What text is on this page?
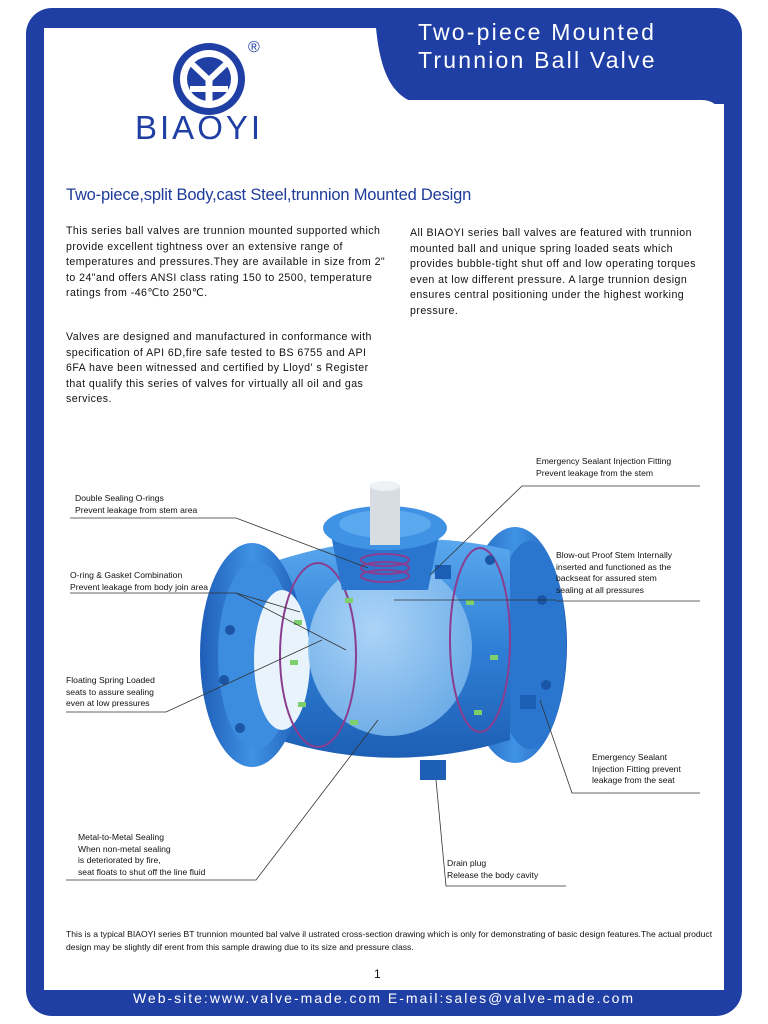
®
BIAOYI
Two-piece Mounted
Trunnion Ball Valve
Two-piece,split Body,cast Steel,trunnion Mounted Design
This series ball valves are trunnion mounted supported which provide excellent tightness over an extensive range of temperatures and pressures.They are available in size from 2" to 24"and offers ANSI class rating 150 to 2500, temperature ratings from -46℃to 250℃.
All BIAOYI series ball valves are featured with trunnion mounted ball and unique spring loaded seats which provides bubble-tight shut off and low operating torques even at low different pressure. A large trunnion design ensures central positioning under the highest working pressure.
Valves are designed and manufactured in conformance with specification of API 6D,fire safe tested to BS 6755 and API 6FA have been witnessed and certified by Lloyd' s Register that qualify this series of valves for virtually all oil and gas services.
Emergency Sealant Injection Fitting
Prevent leakage from the stem
Double Sealing O-rings
Prevent leakage from stem area
O-ring & Gasket Combination
Prevent leakage from body join area
Blow-out Proof Stem Internally
inserted and functioned as the
backseat for assured stem
sealing at all pressures
Floating Spring Loaded
seats to assure sealing
even at low pressures
Emergency Sealant
Injection Fitting prevent
leakage from the seat
Metal-to-Metal Sealing
When non-metal sealing
is deteriorated by fire,
seat floats to shut off the line fluid
Drain plug
Release the body cavity
This is a typical BIAOYI series BT trunnion mounted bal valve il ustrated cross-section drawing which is only for demonstrating of basic design features.The actual product design may be slightly dif erent from this sample drawing due to its size and pressure class.
1
Web-site:www.valve-made.com E-mail:sales@valve-made.com
